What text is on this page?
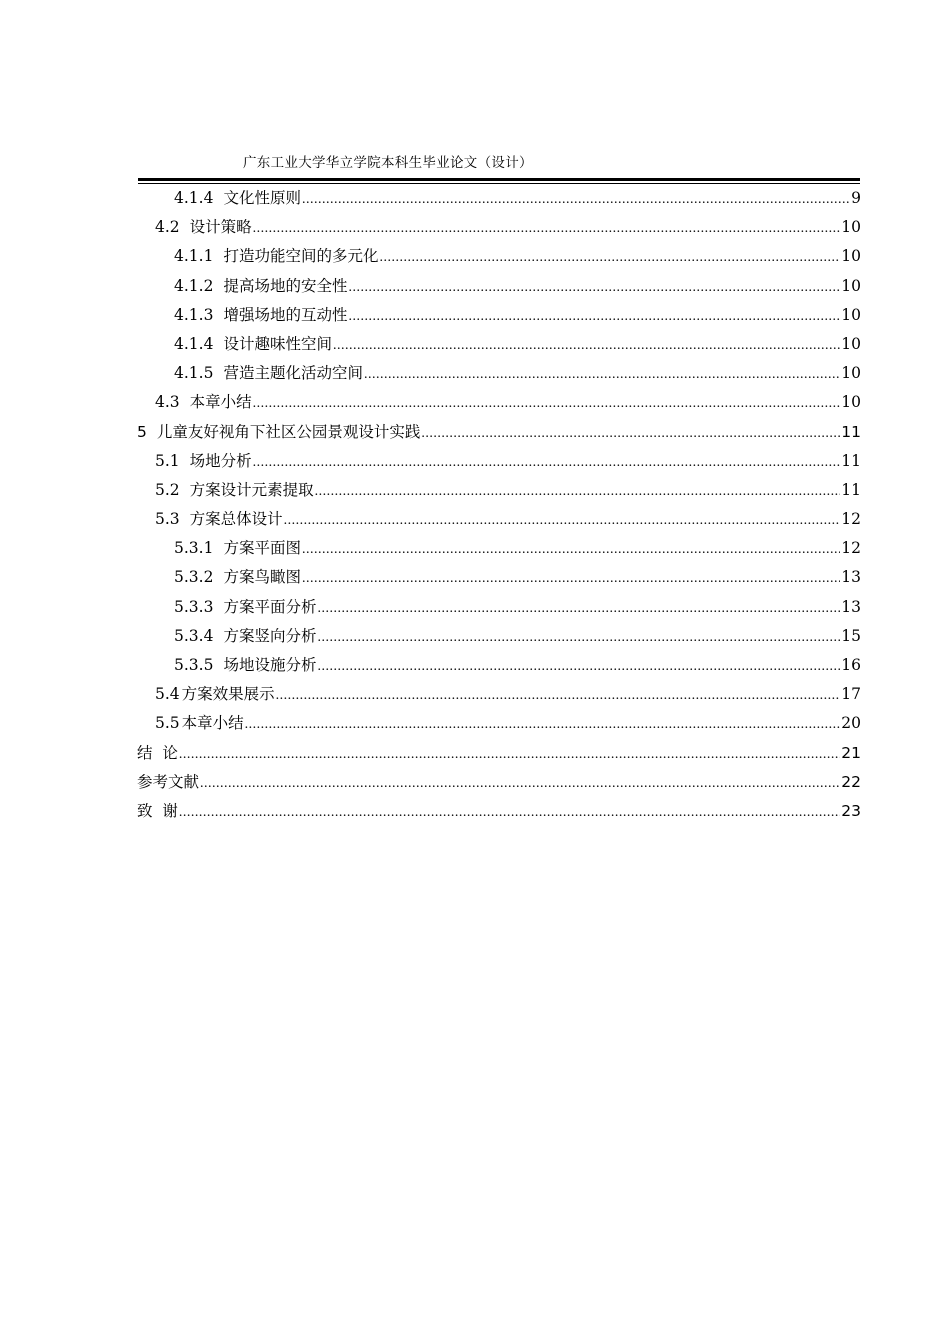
广东工业大学华立学院本科生毕业论文（设计）
4.1.4 文化性原则 .....	9
4.2 设计策略 .....	10
4.1.1 打造功能空间的多元化 .....	10
4.1.2 提高场地的安全性 .....	10
4.1.3 增强场地的互动性 .....	10
4.1.4 设计趣味性空间 .....	10
4.1.5 营造主题化活动空间 .....	10
4.3 本章小结 .....	10
5 儿童友好视角下社区公园景观设计实践 .....	11
5.1 场地分析 .....	11
5.2 方案设计元素提取 .....	11
5.3 方案总体设计 .....	12
5.3.1 方案平面图 .....	12
5.3.2 方案鸟瞰图 .....	13
5.3.3 方案平面分析 .....	13
5.3.4 方案竖向分析 .....	15
5.3.5 场地设施分析 .....	16
5.4 方案效果展示 .....	17
5.5 本章小结 .....	20
结  论 .....	21
参考文献 .....	22
致  谢 .....	23
